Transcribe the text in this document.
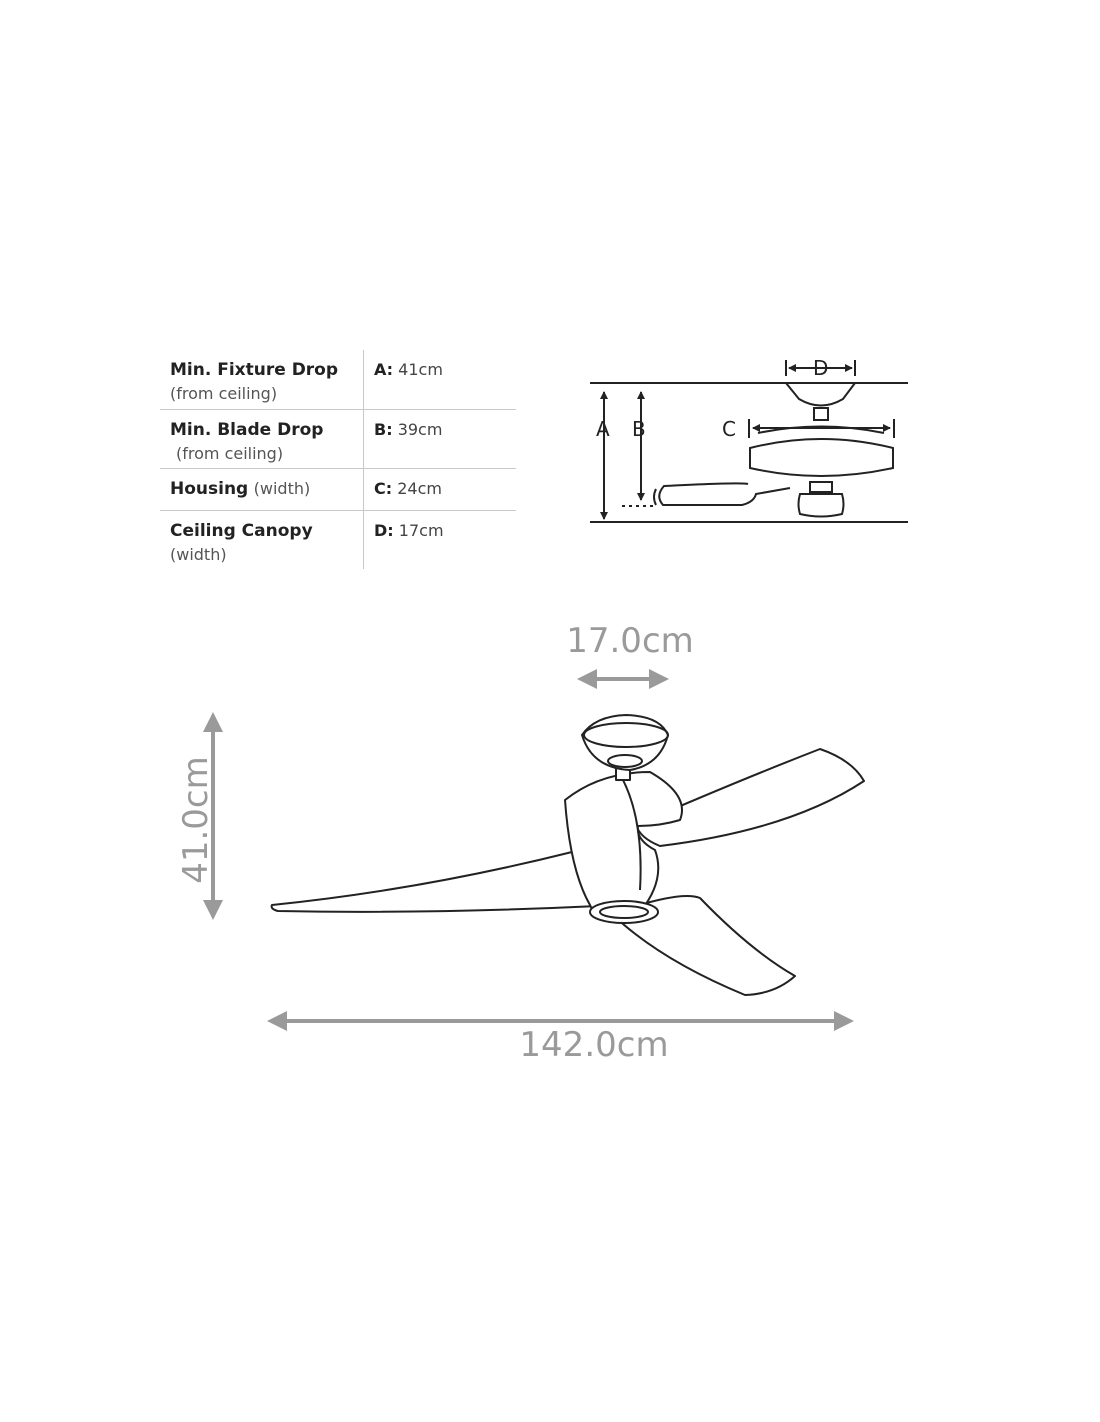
Min. Fixture Drop
(from ceiling)
A: 41cm
Min. Blade Drop
(from ceiling)
B: 39cm
Housing (width)	C: 24cm
Ceiling Canopy
(width)
D: 17cm
A B	C
D
17.0cm
41.0cm
142.0cm
